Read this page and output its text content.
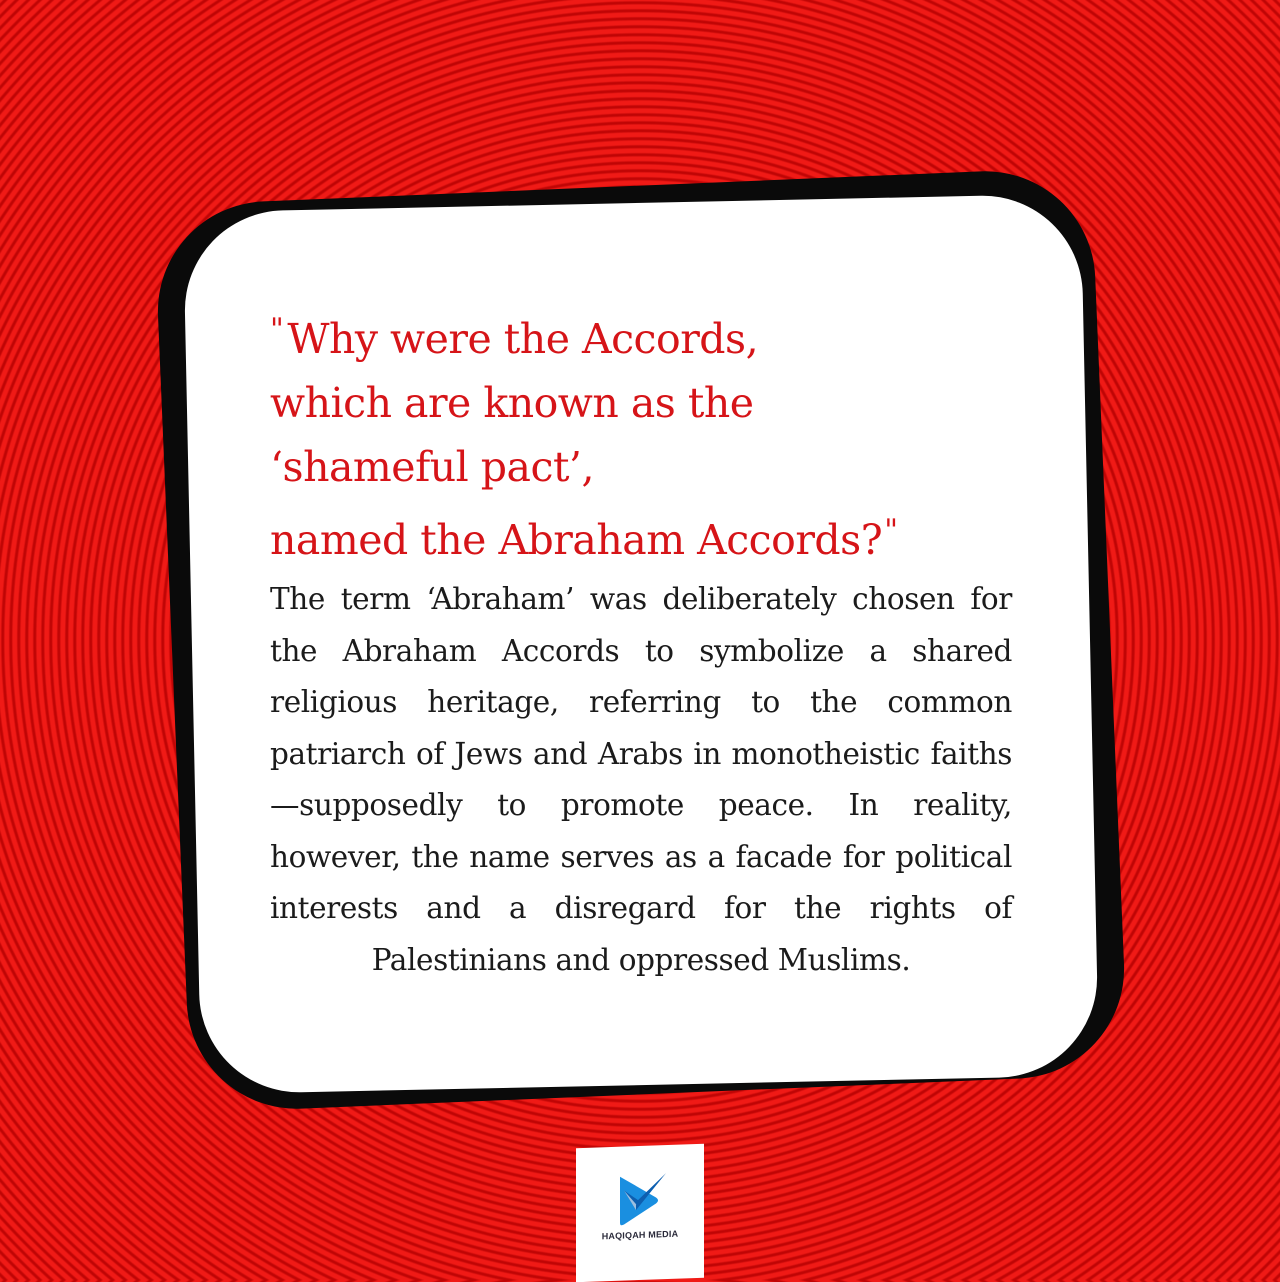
"Why were the Accords,
which are known as the
‘shameful pact’,
named the Abraham Accords?"

The term ‘Abraham’ was deliberately chosen for the Abraham Accords to symbolize a shared religious heritage, referring to the common patriarch of Jews and Arabs in monotheistic faiths—supposedly to promote peace. In reality, however, the name serves as a facade for political interests and a disregard for the rights of Palestinians and oppressed Muslims.

HAQIQAH MEDIA
